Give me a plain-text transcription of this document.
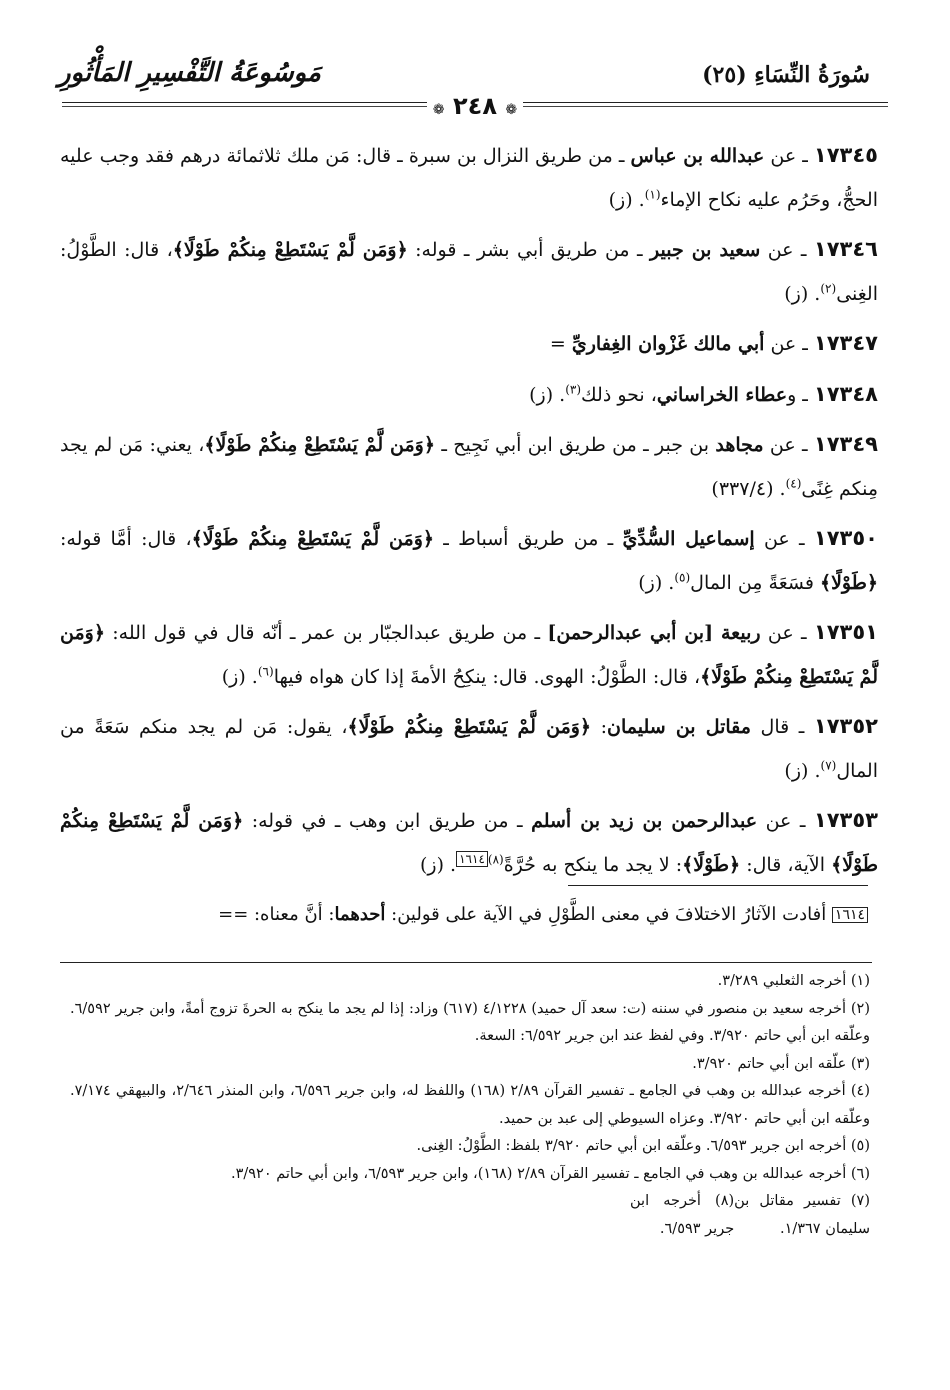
سُورَةُ النِّسَاءِ (٢٥)
مَوسُوعَةُ التَّفْسِيرِ المَأْثُورِ
❁ ٢٤٨ ❁

١٧٣٤٥ ـ عن عبدالله بن عباس ـ من طريق النزال بن سبرة ـ قال: مَن ملك ثلاثمائة درهم فقد وجب عليه الحجُّ، وحَرُم عليه نكاح الإماء$^{(١)}$. (ز)

١٧٣٤٦ ـ عن سعيد بن جبير ـ من طريق أبي بشر ـ قوله: ﴿وَمَن لَّمْ يَسْتَطِعْ مِنكُمْ طَوْلًا﴾، قال: الطَّوْلُ: الغِنى$^{(٢)}$. (ز)

١٧٣٤٧ ـ عن أبي مالك غَزْوان الغِفاريِّ =

١٧٣٤٨ ـ وعطاء الخراساني، نحو ذلك$^{(٣)}$. (ز)

١٧٣٤٩ ـ عن مجاهد بن جبر ـ من طريق ابن أبي نَجِيح ـ ﴿وَمَن لَّمْ يَسْتَطِعْ مِنكُمْ طَوْلًا﴾، يعني: مَن لم يجد مِنكم غِنًى$^{(٤)}$. (٣٣٧/٤)

١٧٣٥٠ ـ عن إسماعيل السُّدِّيِّ ـ من طريق أسباط ـ ﴿وَمَن لَّمْ يَسْتَطِعْ مِنكُمْ طَوْلًا﴾، قال: أمَّا قوله: ﴿طَوْلًا﴾ فسَعَةً مِن المال$^{(٥)}$. (ز)

١٧٣٥١ ـ عن ربيعة [بن أبي عبدالرحمن] ـ من طريق عبدالجبّار بن عمر ـ أنّه قال في قول الله: ﴿وَمَن لَّمْ يَسْتَطِعْ مِنكُمْ طَوْلًا﴾، قال: الطَّوْلُ: الهوى. قال: ينكِحُ الأمةَ إذا كان هواه فيها$^{(٦)}$. (ز)

١٧٣٥٢ ـ قال مقاتل بن سليمان: ﴿وَمَن لَّمْ يَسْتَطِعْ مِنكُمْ طَوْلًا﴾، يقول: مَن لم يجد منكم سَعَةً من المال$^{(٧)}$. (ز)

١٧٣٥٣ ـ عن عبدالرحمن بن زيد بن أسلم ـ من طريق ابن وهب ـ في قوله: ﴿وَمَن لَّمْ يَسْتَطِعْ مِنكُمْ طَوْلًا﴾ الآية، قال: ﴿طَوْلًا﴾: لا يجد ما ينكح به حُرَّةً$^{(٨)}$١٦١٤. (ز)

١٦١٤ أفادت الآثارُ الاختلافَ في معنى الطَّوْلِ في الآية على قولين: أحدهما: أنَّ معناه: ==

(١) أخرجه الثعلبي ٣/٢٨٩.

(٢) أخرجه سعيد بن منصور في سننه (ت: سعد آل حميد) ٤/١٢٢٨ (٦١٧) وزاد: إذا لم يجد ما ينكح به الحرةَ تزوج أمةً، وابن جرير ٦/٥٩٢. وعلّقه ابن أبي حاتم ٣/٩٢٠. وفي لفظ عند ابن جرير ٦/٥٩٢: السعة.

(٣) علّقه ابن أبي حاتم ٣/٩٢٠.

(٤) أخرجه عبدالله بن وهب في الجامع ـ تفسير القرآن ٢/٨٩ (١٦٨) واللفظ له، وابن جرير ٦/٥٩٦، وابن المنذر ٢/٦٤٦، والبيهقي ٧/١٧٤. وعلّقه ابن أبي حاتم ٣/٩٢٠. وعزاه السيوطي إلى عبد بن حميد.

(٥) أخرجه ابن جرير ٦/٥٩٣. وعلّقه ابن أبي حاتم ٣/٩٢٠ بلفظ: الطَّوْلُ: الغِنى.

(٦) أخرجه عبدالله بن وهب في الجامع ـ تفسير القرآن ٢/٨٩ (١٦٨)، وابن جرير ٦/٥٩٣، وابن أبي حاتم ٣/٩٢٠.

(٧) تفسير مقاتل بن سليمان ١/٣٦٧.
(٨) أخرجه ابن جرير ٦/٥٩٣.
